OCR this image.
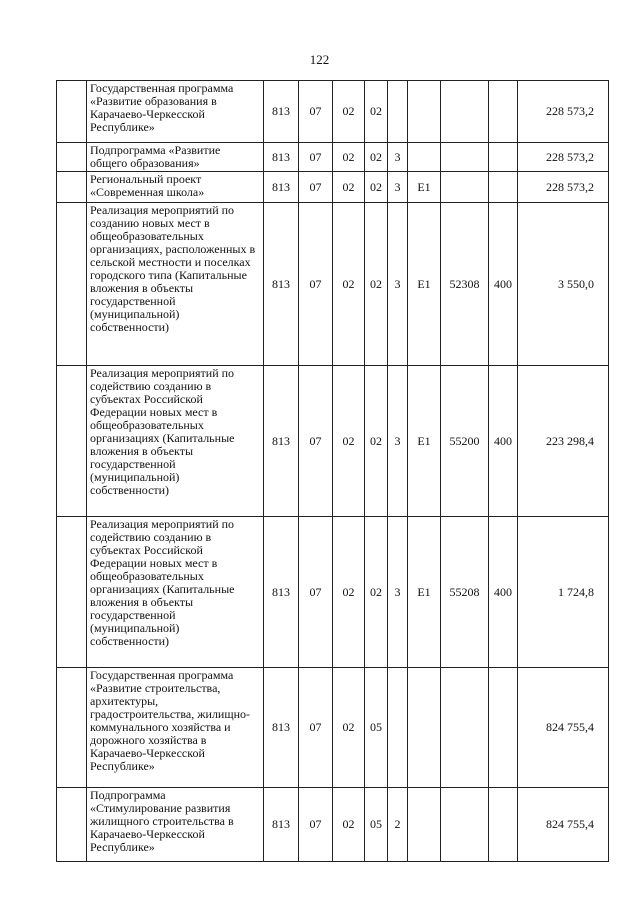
122
	Государственная программа «Развитие образования в Карачаево-Черкесской Республике»	813	07	02	02					228 573,2
	Подпрограмма «Развитие общего образования»	813	07	02	02	3				228 573,2
	Региональный проект «Современная школа»	813	07	02	02	3	E1			228 573,2
	Реализация мероприятий по созданию новых мест в общеобразовательных организациях, расположенных в сельской местности и поселках городского типа (Капитальные вложения в объекты государственной (муниципальной) собственности)	813	07	02	02	3	E1	52308	400	3 550,0
	Реализация мероприятий по содействию созданию в субъектах Российской Федерации новых мест в общеобразовательных организациях (Капитальные вложения в объекты государственной (муниципальной) собственности)	813	07	02	02	3	E1	55200	400	223 298,4
	Реализация мероприятий по содействию созданию в субъектах Российской Федерации новых мест в общеобразовательных организациях (Капитальные вложения в объекты государственной (муниципальной) собственности)	813	07	02	02	3	E1	55208	400	1 724,8
	Государственная программа «Развитие строительства, архитектуры, градостроительства, жилищно-коммунального хозяйства и дорожного хозяйства в Карачаево-Черкесской Республике»	813	07	02	05					824 755,4
	Подпрограмма «Стимулирование развития жилищного строительства в Карачаево-Черкесской Республике»	813	07	02	05	2				824 755,4
